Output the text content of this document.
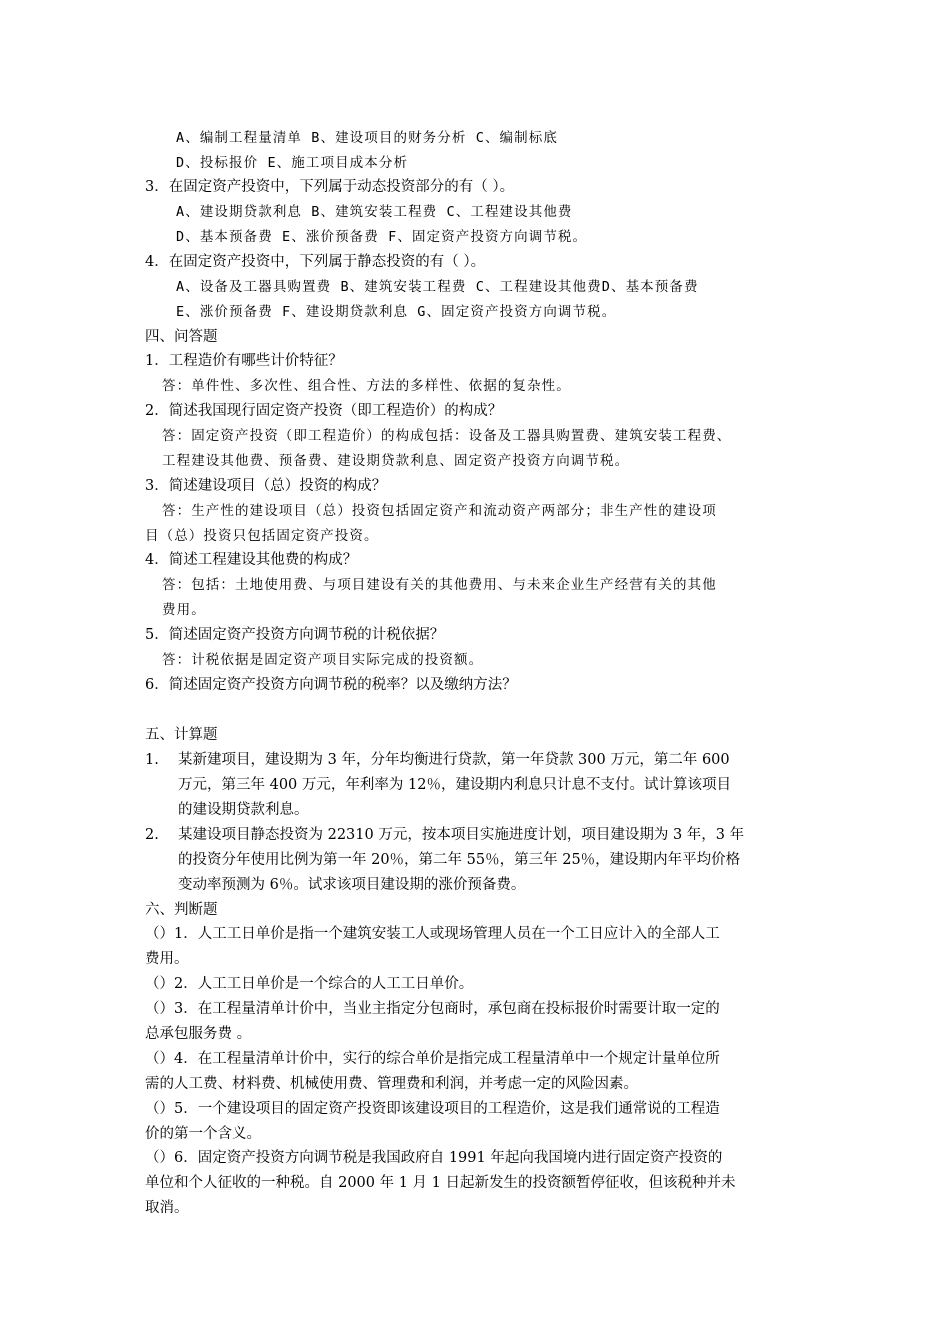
A、编制工程量清单 B、建设项目的财务分析 C、编制标底
D、投标报价 E、施工项目成本分析
3．在固定资产投资中，下列属于动态投资部分的有（ ）。
A、建设期贷款利息 B、建筑安装工程费 C、工程建设其他费
D、基本预备费 E、涨价预备费 F、固定资产投资方向调节税。
4．在固定资产投资中，下列属于静态投资的有（ ）。
A、设备及工器具购置费 B、建筑安装工程费 C、工程建设其他费D、基本预备费
E、涨价预备费 F、建设期贷款利息 G、固定资产投资方向调节税。
四、问答题
1．工程造价有哪些计价特征？
答：单件性、多次性、组合性、方法的多样性、依据的复杂性。
2．简述我国现行固定资产投资（即工程造价）的构成？
答：固定资产投资（即工程造价）的构成包括：设备及工器具购置费、建筑安装工程费、
工程建设其他费、预备费、建设期贷款利息、固定资产投资方向调节税。
3．简述建设项目（总）投资的构成？
答：生产性的建设项目（总）投资包括固定资产和流动资产两部分；非生产性的建设项
目（总）投资只包括固定资产投资。
4．简述工程建设其他费的构成？
答：包括：土地使用费、与项目建设有关的其他费用、与未来企业生产经营有关的其他
费用。
5．简述固定资产投资方向调节税的计税依据？
答：计税依据是固定资产项目实际完成的投资额。
6．简述固定资产投资方向调节税的税率？以及缴纳方法？
五、计算题
1. 某新建项目，建设期为 3 年，分年均衡进行贷款，第一年贷款 300 万元，第二年 600
万元，第三年 400 万元，年利率为 12％，建设期内利息只计息不支付。试计算该项目
的建设期贷款利息。
2. 某建设项目静态投资为 22310 万元，按本项目实施进度计划，项目建设期为 3 年，3 年
的投资分年使用比例为第一年 20％，第二年 55％，第三年 25％，建设期内年平均价格
变动率预测为 6％。试求该项目建设期的涨价预备费。
六、判断题
（）1．人工工日单价是指一个建筑安装工人或现场管理人员在一个工日应计入的全部人工
费用。
（）2．人工工日单价是一个综合的人工工日单价。
（）3．在工程量清单计价中，当业主指定分包商时，承包商在投标报价时需要计取一定的
总承包服务费 。
（）4．在工程量清单计价中，实行的综合单价是指完成工程量清单中一个规定计量单位所
需的人工费、材料费、机械使用费、管理费和利润，并考虑一定的风险因素。
（）5．一个建设项目的固定资产投资即该建设项目的工程造价，这是我们通常说的工程造
价的第一个含义。
（）6．固定资产投资方向调节税是我国政府自 1991 年起向我国境内进行固定资产投资的
单位和个人征收的一种税。自 2000 年 1 月 1 日起新发生的投资额暂停征收，但该税种并未
取消。
